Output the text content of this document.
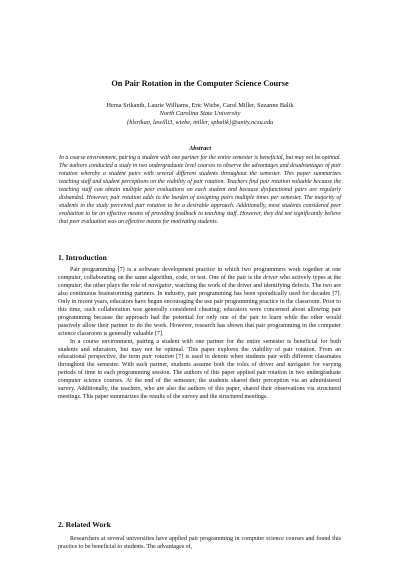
On Pair Rotation in the Computer Science Course
Hema Srikanth, Laurie Williams, Eric Wiebe, Carol Miller, Suzanne Balik
North Carolina State University
{hlsrikan, lawilli3, wiebe, miller, spbalik}@unity.ncsu.edu
Abstract
In a course environment, pairing a student with one partner for the entire semester is beneficial, but may not be optimal. The authors conducted a study in two undergraduate level courses to observe the advantages and disadvantages of pair rotation whereby a student pairs with several different students throughout the semester. This paper summarizes teaching staff and student perceptions on the viability of pair rotation. Teachers find pair rotation valuable because the teaching staff can obtain multiple peer evaluations on each student and because dysfunctional pairs are regularly disbanded. However, pair rotation adds to the burden of assigning pairs multiple times per semester. The majority of students in the study perceived pair rotation to be a desirable approach. Additionally, most students considered peer evaluation to be an effective means of providing feedback to teaching staff. However, they did not significantly believe that peer evaluation was an effective means for motivating students.
1. Introduction

Pair programming [7] is a software development practice in which two programmers work together at one computer, collaborating on the same algorithm, code, or test. One of the pair is the driver who actively types at the computer; the other plays the role of navigator, watching the work of the driver and identifying defects. The two are also continuous brainstorming partners. In industry, pair programming has been sporadically used for decades [7]. Only in recent years, educators have begun encouraging the use pair programming practice in the classroom. Prior to this time, such collaboration was generally considered cheating; educators were concerned about allowing pair programming because the approach had the potential for only one of the pair to learn while the other would passively allow their partner to do the work. However, research has shown that pair programming in the computer science classroom is generally valuable [7].

In a course environment, pairing a student with one partner for the entire semester is beneficial for both students and educators, but may not be optimal. This paper explores the viability of pair rotation. From an educational perspective, the term pair rotation [7] is used to denote when students pair with different classmates throughout the semester. With each partner, students assume both the roles of driver and navigator for varying periods of time in each programming session. The authors of this paper applied pair rotation in two undergraduate computer science courses. At the end of the semester, the students shared their perception via an administered survey. Additionally, the teachers, who are also the authors of this paper, shared their observations via structured meetings. This paper summarizes the results of the survey and the structured meetings.

2. Related Work

Researchers at several universities have applied pair programming in computer science courses and found this practice to be beneficial to students. The advantages of,
